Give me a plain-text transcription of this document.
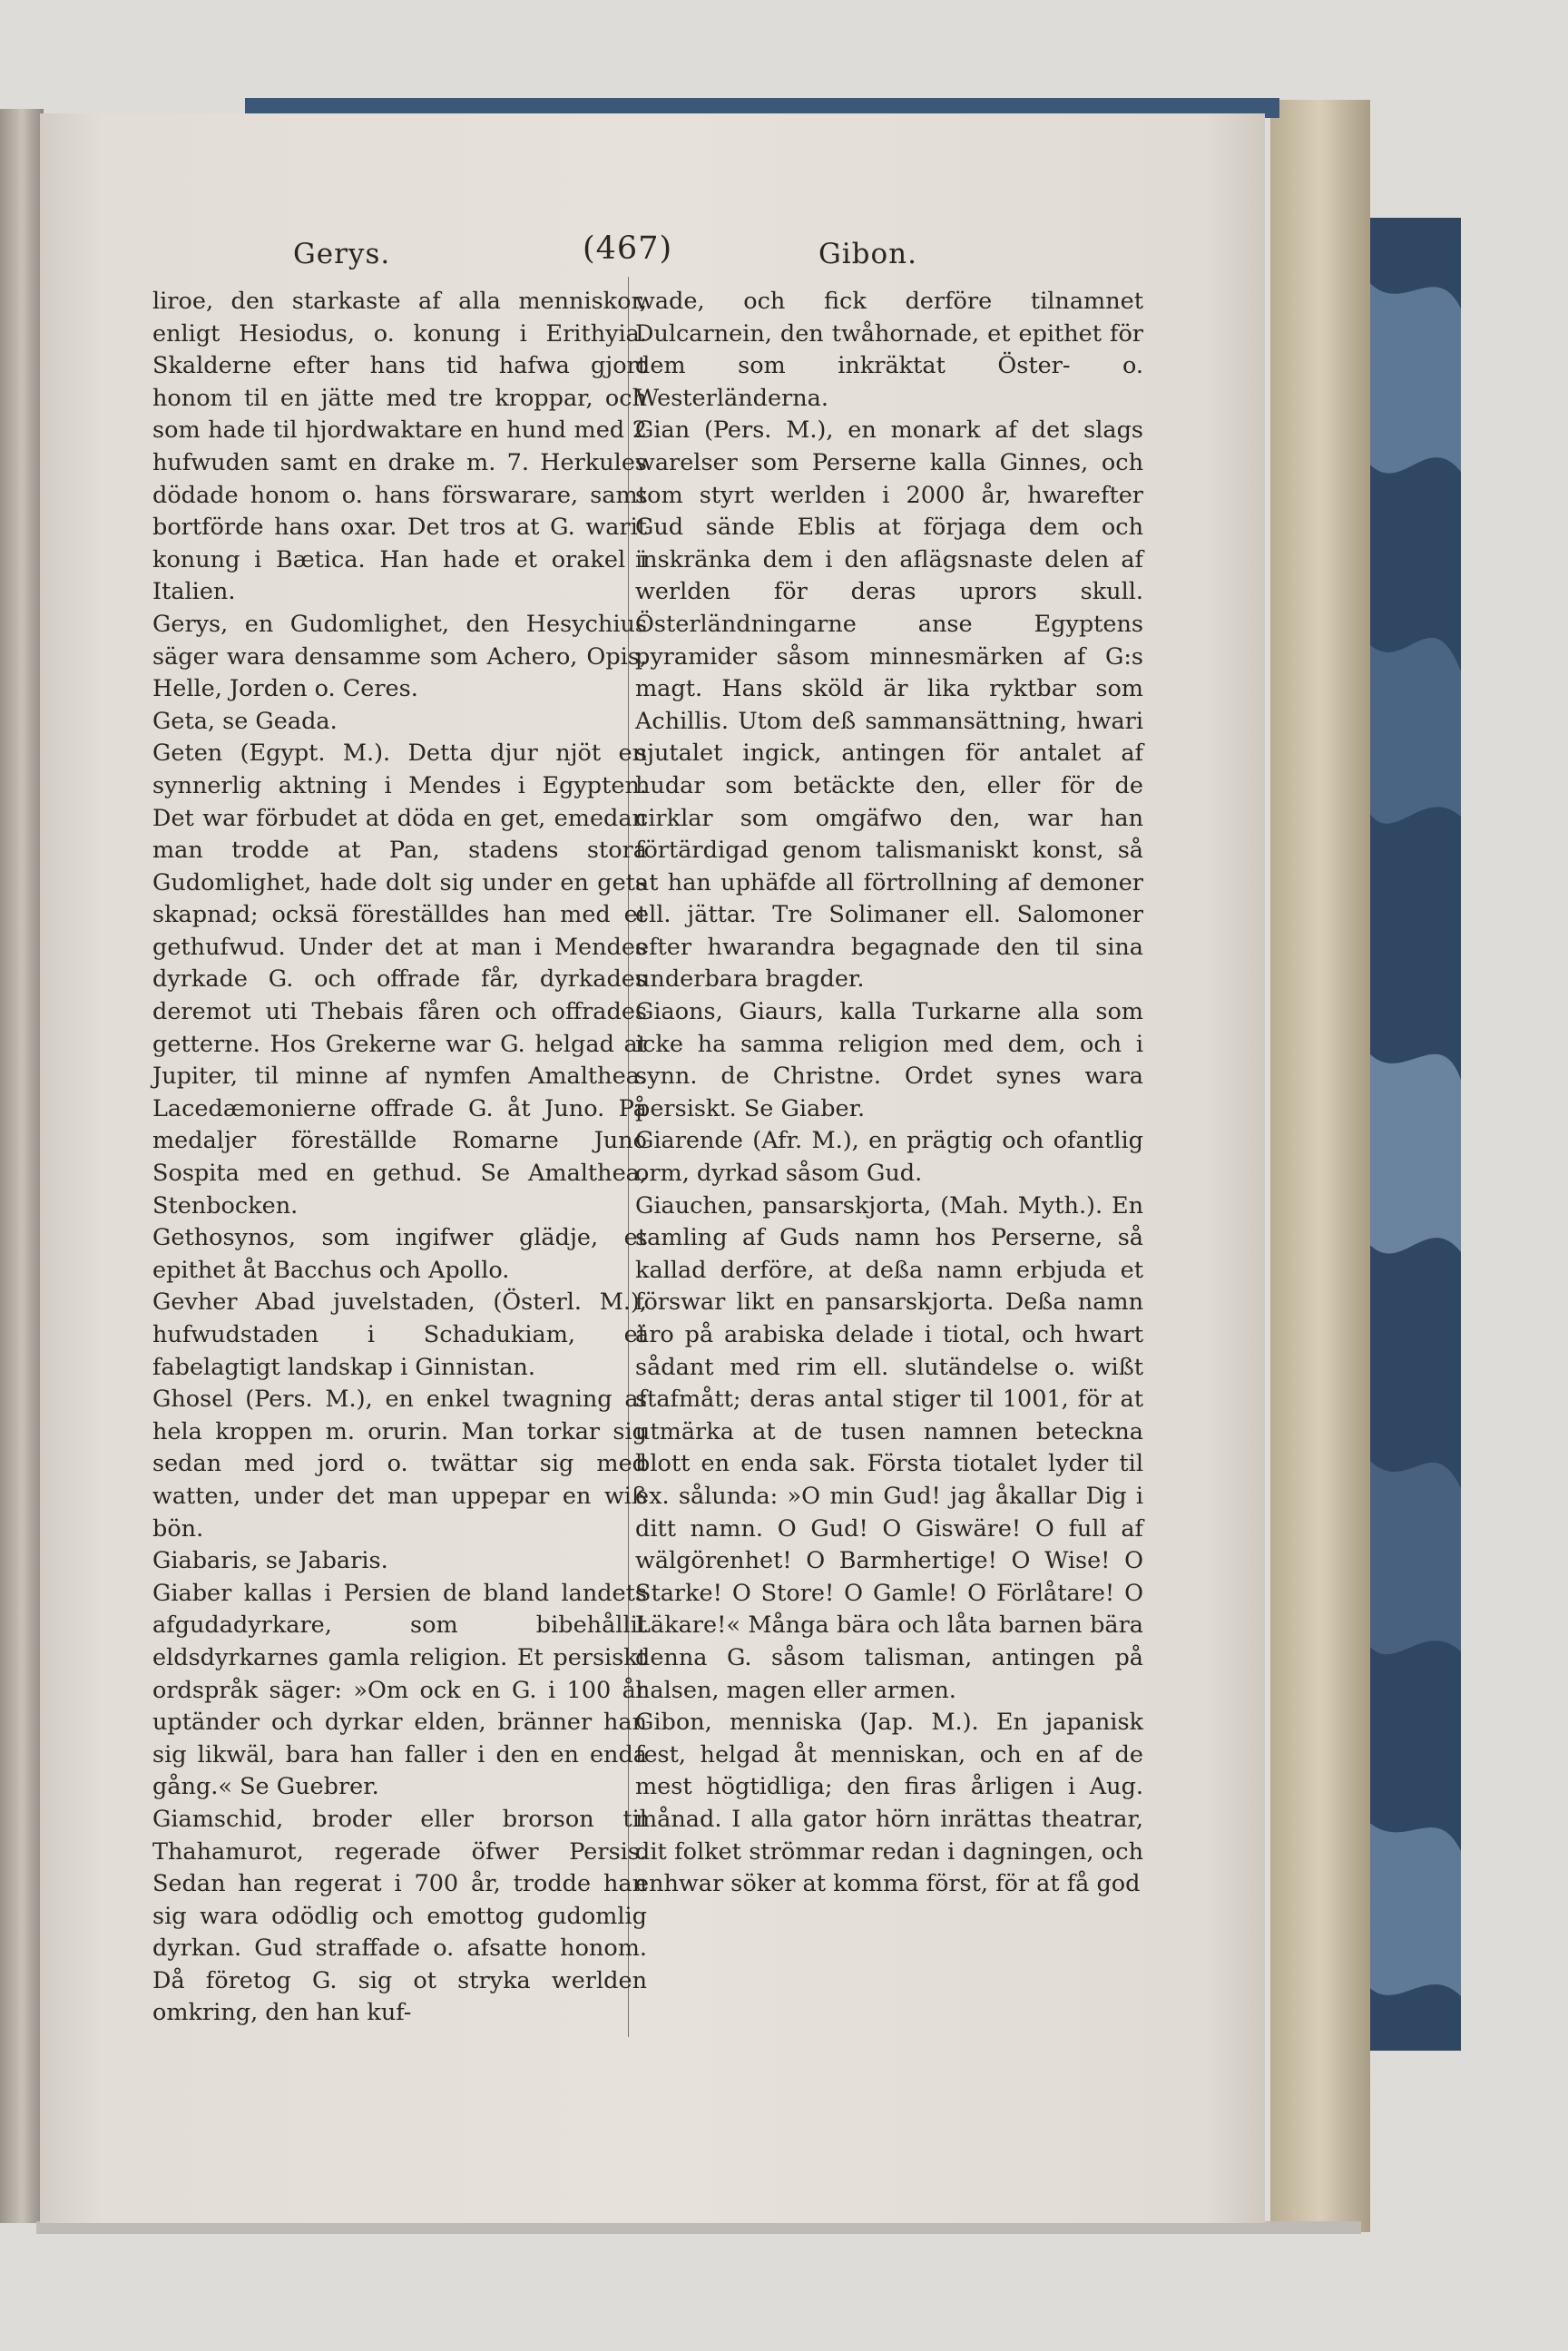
Gerys.	(467)	Gibon.

liroe, den starkaste af alla menniskor, enligt Hesiodus, o. konung i Erithyia. Skalderne efter hans tid hafwa gjort honom til en jätte med tre kroppar, och som hade til hjordwaktare en hund med 2 hufwuden samt en drake m. 7. Herkules dödade honom o. hans förswarare, samt bortförde hans oxar. Det tros at G. warit konung i Bætica. Han hade et orakel i Italien.

Gerys, en Gudomlighet, den Hesychius säger wara densamme som Achero, Opis, Helle, Jorden o. Ceres.

Geta, se Geada.

Geten (Egypt. M.). Detta djur njöt en synnerlig aktning i Mendes i Egypten. Det war förbudet at döda en get, emedan man trodde at Pan, stadens stora Gudomlighet, hade dolt sig under en gets skapnad; ocksä föreställdes han med et gethufwud. Under det at man i Mendes dyrkade G. och offrade får, dyrkades deremot uti Thebais fåren och offrades getterne. Hos Grekerne war G. helgad at Jupiter, til minne af nymfen Amalthea. Lacedæmonierne offrade G. åt Juno. På medaljer föreställde Romarne Juno Sospita med en gethud. Se Amalthea, Stenbocken.

Gethosynos, som ingifwer glädje, et epithet åt Bacchus och Apollo.

Gevher Abad juvelstaden, (Österl. M.), hufwudstaden i Schadukiam, et fabelagtigt landskap i Ginnistan.

Ghosel (Pers. M.), en enkel twagning af hela kroppen m. orurin. Man torkar sig sedan med jord o. twättar sig med watten, under det man uppepar en wiß bön.

Giabaris, se Jabaris.

Giaber kallas i Persien de bland landets afgudadyrkare, som bibehållit eldsdyrkarnes gamla religion. Et persiskt ordspråk säger: »Om ock en G. i 100 år uptänder och dyrkar elden, bränner han sig likwäl, bara han faller i den en enda gång.« Se Guebrer.

Giamschid, broder eller brorson til Thahamurot, regerade öfwer Persis. Sedan han regerat i 700 år, trodde han sig wara odödlig och emottog gudomlig dyrkan. Gud straffade o. afsatte honom. Då företog G. sig ot stryka werlden omkring, den han kuf-

wade, och fick derföre tilnamnet Dulcarnein, den twåhornade, et epithet för dem som inkräktat Öster- o. Westerländerna.

Gian (Pers. M.), en monark af det slags warelser som Perserne kalla Ginnes, och som styrt werlden i 2000 år, hwarefter Gud sände Eblis at förjaga dem och inskränka dem i den aflägsnaste delen af werlden för deras uprors skull. Österländningarne anse Egyptens pyramider såsom minnesmärken af G:s magt. Hans sköld är lika ryktbar som Achillis. Utom deß sammansättning, hwari sjutalet ingick, antingen för antalet af hudar som betäckte den, eller för de cirklar som omgäfwo den, war han förtärdigad genom talismaniskt konst, så at han uphäfde all förtrollning af demoner ell. jättar. Tre Solimaner ell. Salomoner efter hwarandra begagnade den til sina underbara bragder.

Giaons, Giaurs, kalla Turkarne alla som icke ha samma religion med dem, och i synn. de Christne. Ordet synes wara persiskt. Se Giaber.

Giarende (Afr. M.), en prägtig och ofantlig orm, dyrkad såsom Gud.

Giauchen, pansarskjorta, (Mah. Myth.). En samling af Guds namn hos Perserne, så kallad derföre, at deßa namn erbjuda et förswar likt en pansarskjorta. Deßa namn äro på arabiska delade i tiotal, och hwart sådant med rim ell. slutändelse o. wißt stafmått; deras antal stiger til 1001, för at utmärka at de tusen namnen beteckna blott en enda sak. Första tiotalet lyder til ex. sålunda: »O min Gud! jag åkallar Dig i ditt namn. O Gud! O Giswäre! O full af wälgörenhet! O Barmhertige! O Wise! O Starke! O Store! O Gamle! O Förlåtare! O Läkare!« Många bära och låta barnen bära denna G. såsom talisman, antingen på halsen, magen eller armen.

Gibon, menniska (Jap. M.). En japanisk fest, helgad åt menniskan, och en af de mest högtidliga; den firas årligen i Aug. månad. I alla gator hörn inrättas theatrar, dit folket strömmar redan i dagningen, och enhwar söker at komma först, för at få god
